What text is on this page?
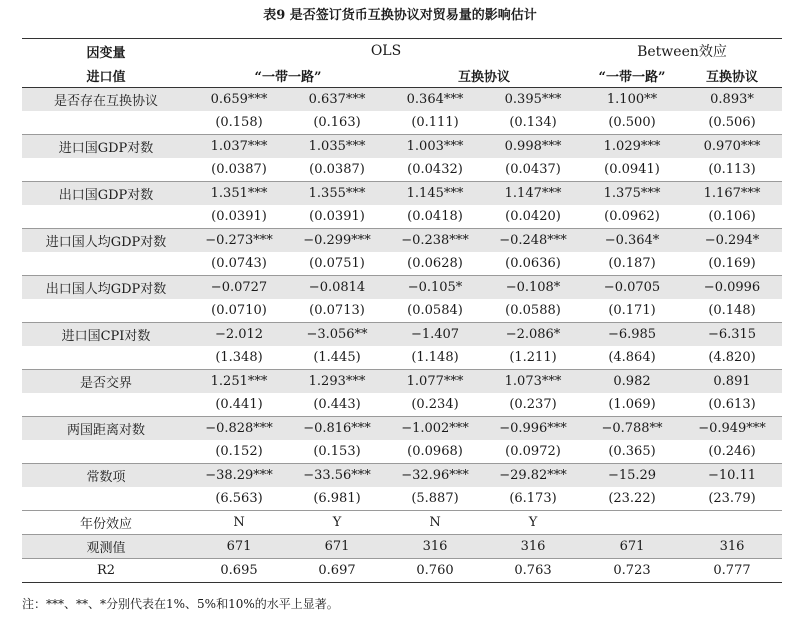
表9 是否签订货币互换协议对贸易量的影响估计
因变量	OLS				Between效应	
进口值	“一带一路”		互换协议		“一带一路”	互换协议
是否存在互换协议	0.659***	0.637***	0.364***	0.395***	1.100**	0.893*
	(0.158)	(0.163)	(0.111)	(0.134)	(0.500)	(0.506)
进口国GDP对数	1.037***	1.035***	1.003***	0.998***	1.029***	0.970***
	(0.0387)	(0.0387)	(0.0432)	(0.0437)	(0.0941)	(0.113)
出口国GDP对数	1.351***	1.355***	1.145***	1.147***	1.375***	1.167***
	(0.0391)	(0.0391)	(0.0418)	(0.0420)	(0.0962)	(0.106)
进口国人均GDP对数	−0.273***	−0.299***	−0.238***	−0.248***	−0.364*	−0.294*
	(0.0743)	(0.0751)	(0.0628)	(0.0636)	(0.187)	(0.169)
出口国人均GDP对数	−0.0727	−0.0814	−0.105*	−0.108*	−0.0705	−0.0996
	(0.0710)	(0.0713)	(0.0584)	(0.0588)	(0.171)	(0.148)
进口国CPI对数	−2.012	−3.056**	−1.407	−2.086*	−6.985	−6.315
	(1.348)	(1.445)	(1.148)	(1.211)	(4.864)	(4.820)
是否交界	1.251***	1.293***	1.077***	1.073***	0.982	0.891
	(0.441)	(0.443)	(0.234)	(0.237)	(1.069)	(0.613)
两国距离对数	−0.828***	−0.816***	−1.002***	−0.996***	−0.788**	−0.949***
	(0.152)	(0.153)	(0.0968)	(0.0972)	(0.365)	(0.246)
常数项	−38.29***	−33.56***	−32.96***	−29.82***	−15.29	−10.11
	(6.563)	(6.981)	(5.887)	(6.173)	(23.22)	(23.79)
年份效应	N	Y	N	Y		
观测值	671	671	316	316	671	316
R2	0.695	0.697	0.760	0.763	0.723	0.777
注：***、**、*分别代表在1%、5%和10%的水平上显著。
